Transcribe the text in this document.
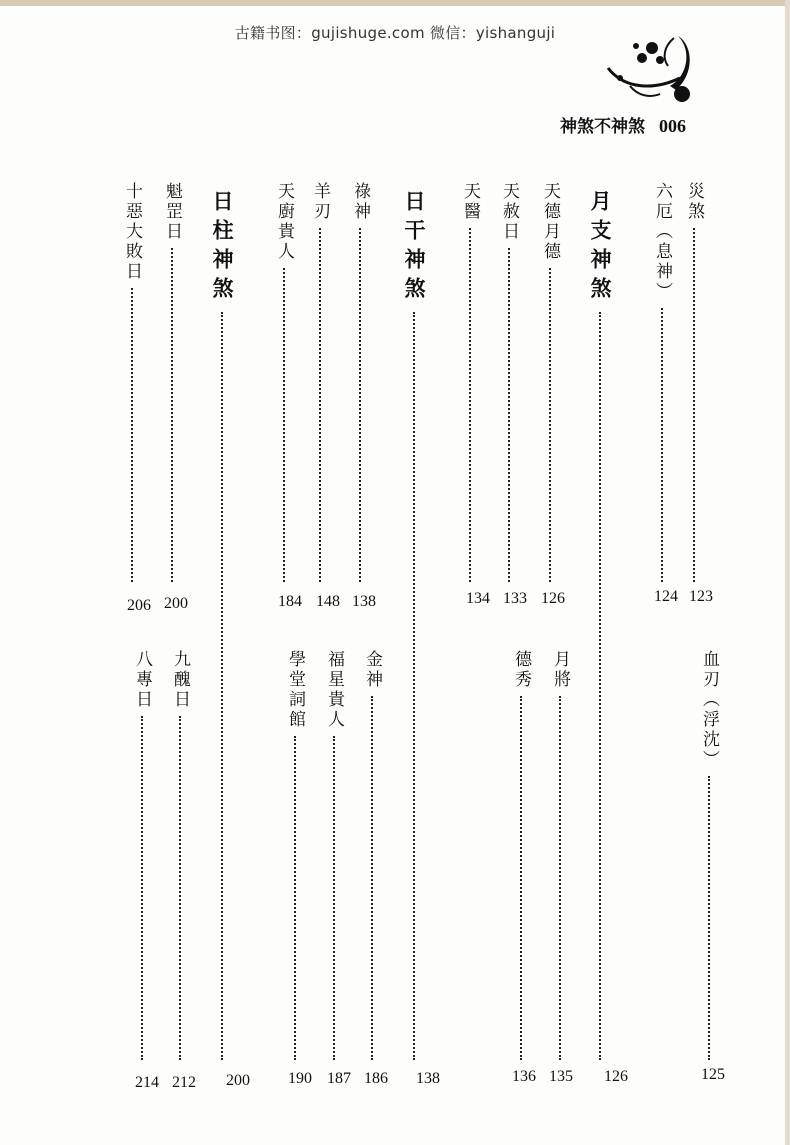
古籍书图：gujishuge.com 微信：yishanguji
神煞不神煞 006
災煞
123
六厄（息神）
124
月支神煞
天德月德
126
天赦日
133
天醫
134
日干神煞
祿神
138
羊刃
148
天廚貴人
184
日柱神煞
魁罡日
200
十惡大敗日
206
血刃（浮沈）
125
126
月將
135
德秀
136
138
金神
186
福星貴人
187
學堂詞館
190
200
九醜日
212
八專日
214
